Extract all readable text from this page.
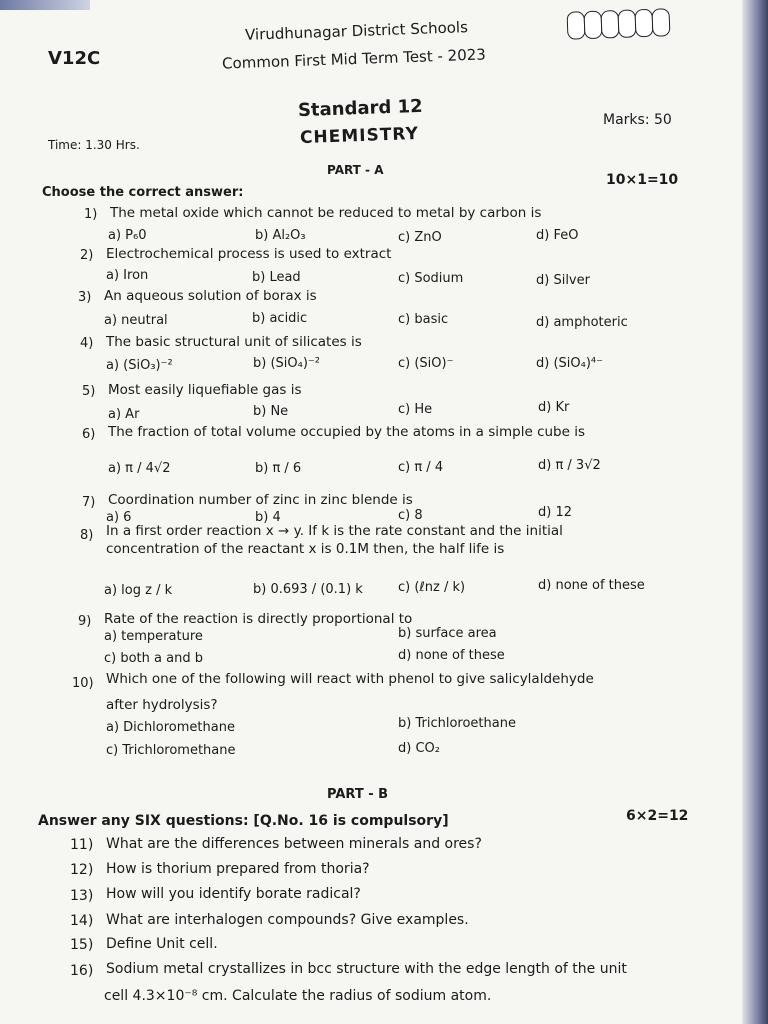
V12C
Virudhunagar District Schools
Common First Mid Term Test - 2023
Standard 12
CHEMISTRY
Marks: 50
Time: 1.30 Hrs.
PART - A
Choose the correct answer:
10×1=10
1) The metal oxide which cannot be reduced to metal by carbon is
a) P₆0	b) Al₂O₃	c) ZnO	d) FeO
2) Electrochemical process is used to extract
a) Iron	b) Lead	c) Sodium	d) Silver
3) An aqueous solution of borax is
a) neutral	b) acidic	c) basic	d) amphoteric
4) The basic structural unit of silicates is
a) (SiO₃)⁻²	b) (SiO₄)⁻²	c) (SiO)⁻	d) (SiO₄)⁴⁻
5) Most easily liquefiable gas is
a) Ar	b) Ne	c) He	d) Kr
6) The fraction of total volume occupied by the atoms in a simple cube is
a) π / 4√2	b) π / 6	c) π / 4	d) π / 3√2
7) Coordination number of zinc in zinc blende is
a) 6	b) 4	c) 8	d) 12
8) In a first order reaction x → y. If k is the rate constant and the initial
concentration of the reactant x is 0.1M then, the half life is
a) log z / k	b) 0.693 / (0.1) k	c) (ℓnz / k)	d) none of these
9) Rate of the reaction is directly proportional to
a) temperature	b) surface area
c) both a and b	d) none of these
10) Which one of the following will react with phenol to give salicylaldehyde
after hydrolysis?
a) Dichloromethane	b) Trichloroethane
c) Trichloromethane	d) CO₂
PART - B
Answer any SIX questions: [Q.No. 16 is compulsory]	6×2=12
11) What are the differences between minerals and ores?
12) How is thorium prepared from thoria?
13) How will you identify borate radical?
14) What are interhalogen compounds? Give examples.
15) Define Unit cell.
16) Sodium metal crystallizes in bcc structure with the edge length of the unit
cell 4.3×10⁻⁸ cm. Calculate the radius of sodium atom.
